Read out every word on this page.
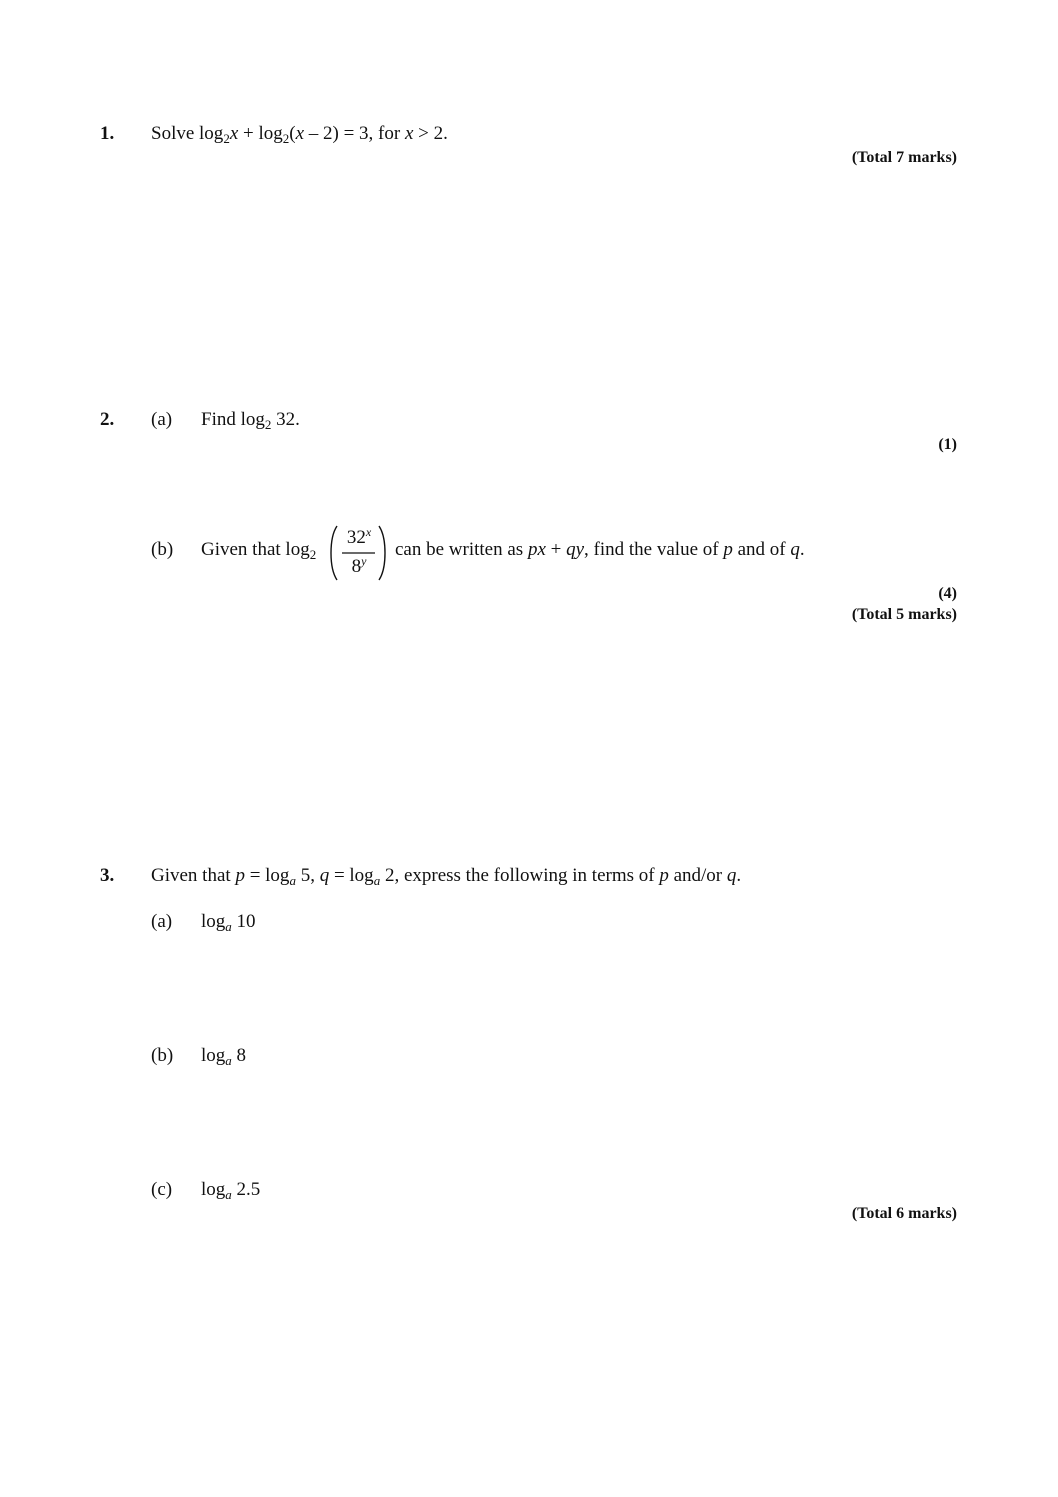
1. Solve $\log_2x + \log_2(x - 2) = 3$, for x > 2.
(Total 7 marks)
2. (a) Find $\log_2 32$.
(1)
(b) Given that $\log_2$
32$^x$
8$^y$
can be written as px + qy, find the value of p and of q.
(4)
(Total 5 marks)
3. Given that $p = \log_a 5$, $q = \log_a 2$, express the following in terms of p and/or q.
(a) $\log_a 10$
(b) $\log_a 8$
(c) $\log_a 2.5$
(Total 6 marks)
